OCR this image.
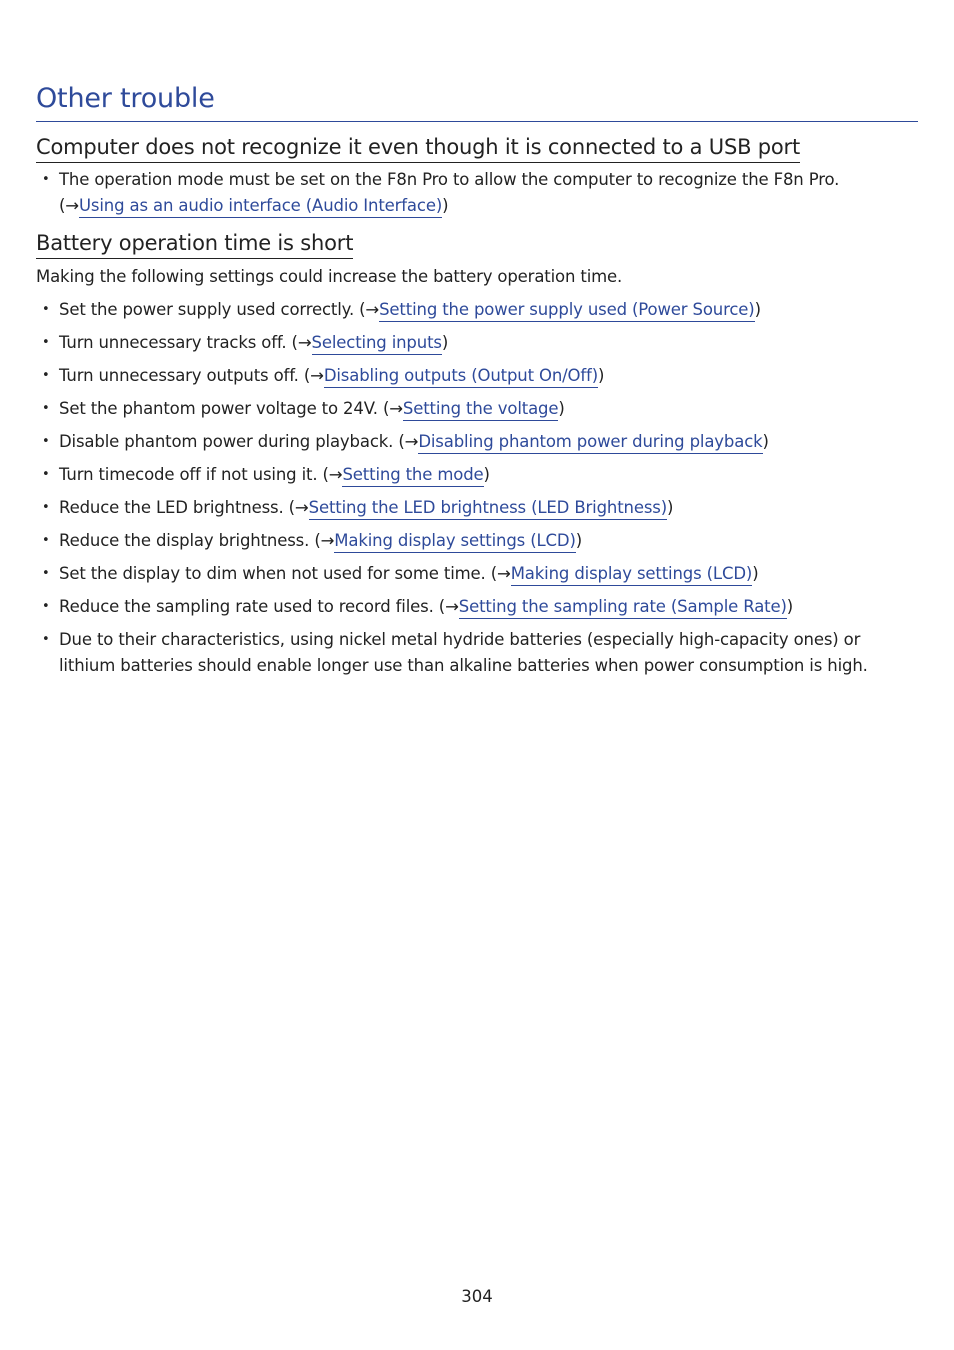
Other trouble
Computer does not recognize it even though it is connected to a USB port
• The operation mode must be set on the F8n Pro to allow the computer to recognize the F8n Pro.
(→Using as an audio interface (Audio Interface))
Battery operation time is short

Making the following settings could increase the battery operation time.

• Set the power supply used correctly. (→Setting the power supply used (Power Source))
• Turn unnecessary tracks off. (→Selecting inputs)
• Turn unnecessary outputs off. (→Disabling outputs (Output On/Off))
• Set the phantom power voltage to 24V. (→Setting the voltage)
• Disable phantom power during playback. (→Disabling phantom power during playback)
• Turn timecode off if not using it. (→Setting the mode)
• Reduce the LED brightness. (→Setting the LED brightness (LED Brightness))
• Reduce the display brightness. (→Making display settings (LCD))
• Set the display to dim when not used for some time. (→Making display settings (LCD))
• Reduce the sampling rate used to record files. (→Setting the sampling rate (Sample Rate))
• Due to their characteristics, using nickel metal hydride batteries (especially high-capacity ones) or lithium batteries should enable longer use than alkaline batteries when power consumption is high.
304
